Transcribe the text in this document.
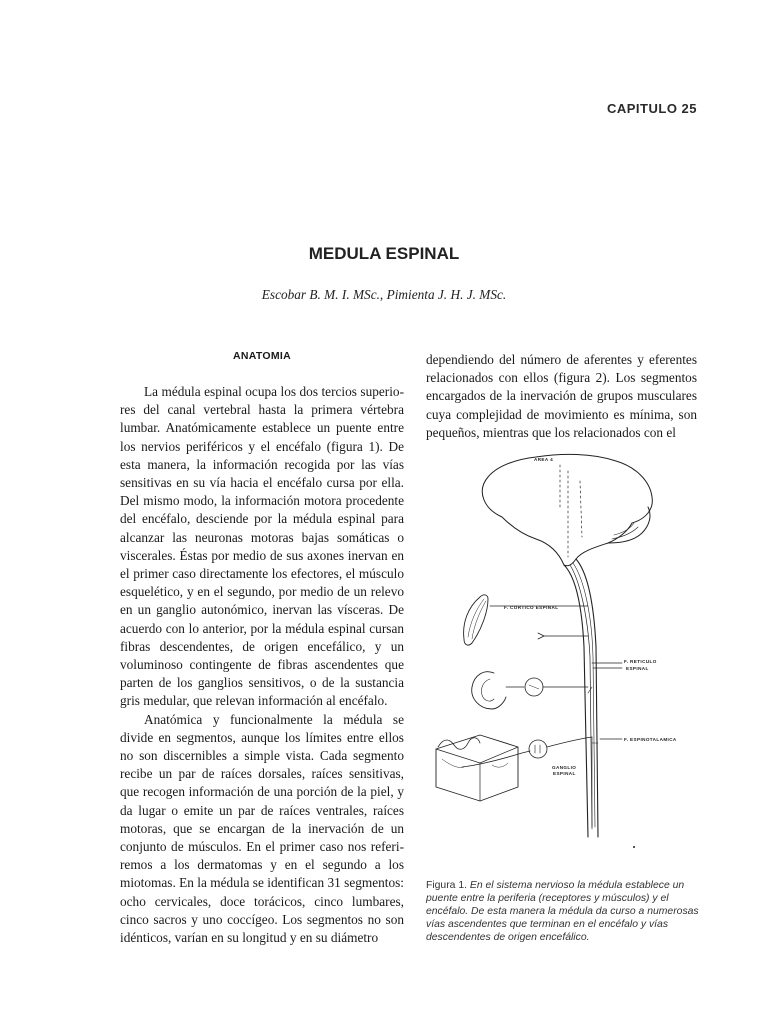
CAPITULO 25
MEDULA ESPINAL
Escobar B. M. I. MSc., Pimienta J. H. J. MSc.
ANATOMIA

La médula espinal ocupa los dos tercios superiores del canal vertebral hasta la primera vértebra lumbar. Anatómicamente establece un puente entre los nervios periféricos y el encéfalo (figura 1). De esta manera, la información recogida por las vías sensitivas en su vía hacia el encéfalo cursa por ella. Del mismo modo, la información motora procedente del encéfalo, desciende por la médula espinal para alcanzar las neuronas motoras bajas somáticas o viscerales. Éstas por medio de sus axones inervan en el primer caso directamente los efectores, el músculo esquelético, y en el segundo, por medio de un relevo en un ganglio autonómico, inervan las vísceras. De acuerdo con lo anterior, por la médula espinal cursan fibras descendentes, de origen encefálico, y un voluminoso contingente de fibras ascendentes que parten de los ganglios sensitivos, o de la sustancia gris medular, que relevan información al encéfalo.

Anatómica y funcionalmente la médula se divide en segmentos, aunque los límites entre ellos no son discernibles a simple vista. Cada segmento recibe un par de raíces dorsales, raíces sensitivas, que recogen información de una porción de la piel, y da lugar o emite un par de raíces ventrales, raíces motoras, que se encargan de la inervación de un conjunto de músculos. En el primer caso nos referiremos a los dermatomas y en el segundo a los miotomas. En la médula se identifican 31 segmentos: ocho cervicales, doce torácicos, cinco lumbares, cinco sacros y uno coccígeo. Los segmentos no son idénticos, varían en su longitud y en su diámetro

dependiendo del número de aferentes y eferentes relacionados con ellos (figura 2). Los segmentos encargados de la inervación de grupos musculares cuya complejidad de movimiento es mínima, son pequeños, mientras que los relacionados con el

AREA 4
F. CORTICO ESPINAL
F. RETICULO
ESPINAL
F. ESPINOTALAMICA
GANGLIO
ESPINAL
Figura 1. En el sistema nervioso la médula establece un puente entre la periferia (receptores y músculos) y el encéfalo. De esta manera la médula da curso a numerosas vías ascendentes que terminan en el encéfalo y vías descendentes de origen encefálico.
